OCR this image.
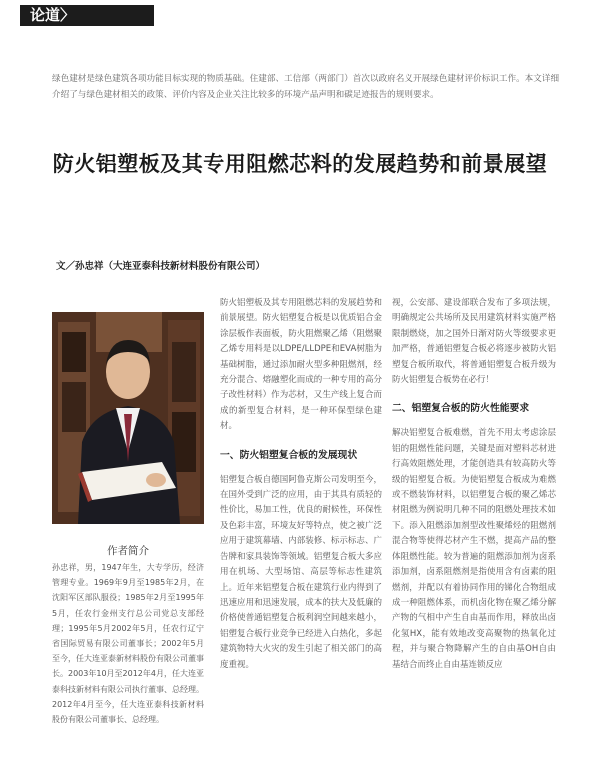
论道〉
绿色建材是绿色建筑各项功能目标实现的物质基础。住建部、工信部（两部门）首次以政府名义开展绿色建材评价标识工作。本文详细介绍了与绿色建材相关的政策、评价内容及企业关注比较多的环境产品声明和碳足迹报告的规则要求。
防火铝塑板及其专用阻燃芯料的发展趋势和前景展望
文／孙忠祥（大连亚泰科技新材料股份有限公司）
作者简介
孙忠祥，男，1947年生，大专学历，经济管理专业。1969年9月至1985年2月，在沈阳军区部队服役；1985年2月至1995年5月，任农行金州支行总公司党总支部经理；1995年5月2002年5月，任农行辽宁省国际贸易有限公司董事长；2002年5月至今，任大连亚泰新材料股份有限公司董事长。2003年10月至2012年4月，任大连亚泰科技新材料有限公司执行董事、总经理。2012年4月至今，任大连亚泰科技新材料股份有限公司董事长、总经理。

防火铝塑板及其专用阻燃芯料的发展趋势和前景展望。防火铝塑复合板是以优质铝合金涂层板作表面板，防火阻燃聚乙烯（阻燃聚乙烯专用料是以LDPE/LLDPE和EVA树脂为基础树脂，通过添加耐火型多种阻燃剂，经充分混合、熔融塑化而成的一种专用的高分子改性材料）作为芯材，又生产线上复合而成的新型复合材料，是一种环保型绿色建材。

一、防火铝塑复合板的发展现状

铝塑复合板自德国阿鲁克斯公司发明至今，在国外受到广泛的应用，由于其具有质轻的性价比，易加工性，优良的耐候性，环保性及色彩丰富，环境友好等特点，使之被广泛应用于建筑幕墙、内部装修、标示标志、广告牌和家具装饰等领域。铝塑复合板大多应用在机场、大型场馆、高层等标志性建筑上。近年来铝塑复合板在建筑行业内得到了迅速应用和迅速发展，成本的扶大及低廉的价格使普通铝塑复合板利润空间越来越小，铝塑复合板行业竞争已经进入白热化，多起建筑物特大火灾的发生引起了相关部门的高度重视。

视，公安部、建设部联合发布了多项法规，明确规定公共场所及民用建筑材料实施严格限制燃烧，加之国外日渐对防火等级要求更加严格，普通铝塑复合板必将逐步被防火铝塑复合板所取代，将普通铝塑复合板升级为防火铝塑复合板势在必行！

二、铝塑复合板的防火性能要求

解决铝塑复合板难燃，首先不用太考虑涂层铝的阻燃性能问题，关键是面对塑料芯材进行高效阻燃处理，才能创造具有较高防火等级的铝塑复合板。为使铝塑复合板成为难燃或不燃装饰材料，以铝塑复合板的聚乙烯芯材阻燃为例说明几种不同的阻燃处理技术如下。添入阻燃添加剂型改性聚烯烃的阻燃剂混合物等使得芯材产生不燃，提高产品的整体阻燃性能。较为普遍的阻燃添加剂为卤系添加剂，卤系阻燃剂是指使用含有卤素的阻燃剂，并配以有着协同作用的锑化合物组成成一种阻燃体系，而机卤化物在聚乙烯分解产物的气相中产生自由基而作用，释放出卤化氢HX，能有效地改变高聚物的热氧化过程，并与聚合物降解产生的自由基OH自由基结合而终止自由基连锁反应
